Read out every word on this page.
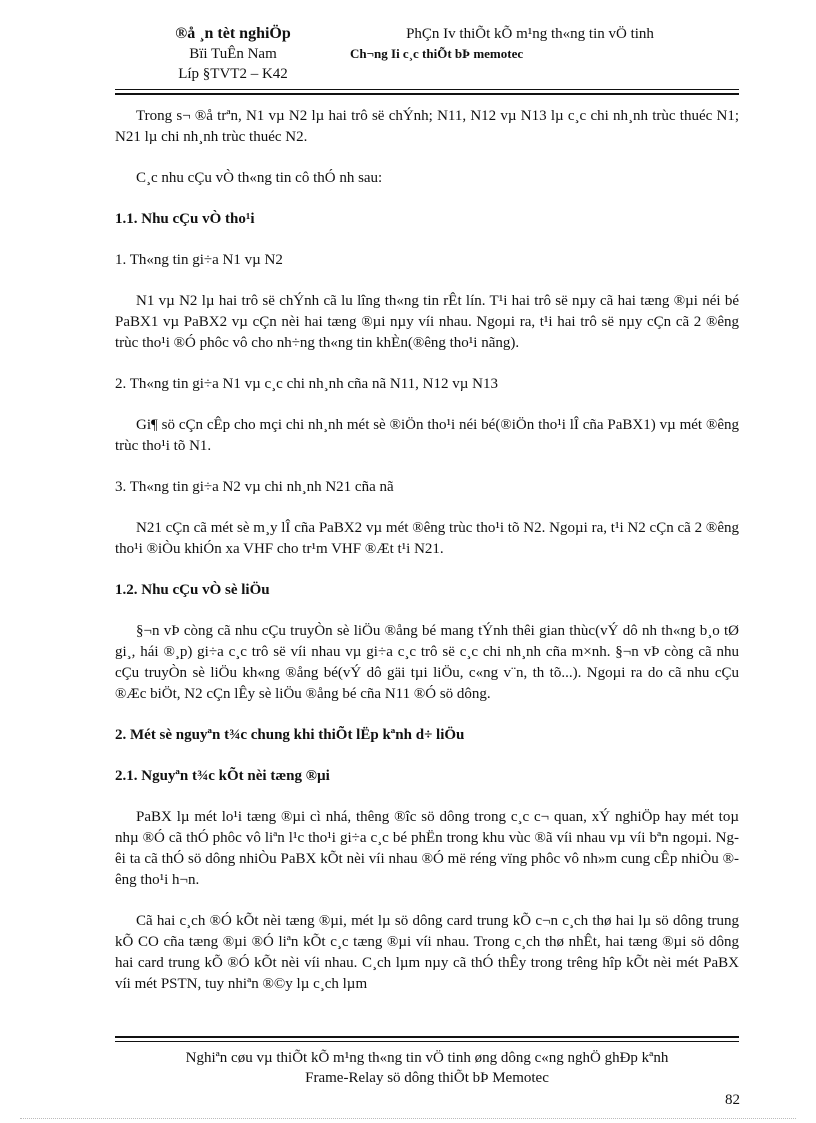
®å ¸n tèt nghiÖp
Bïi TuÊn Nam
Líp §TVT2 – K42
PhÇn Iv thiÕt kÕ m¹ng th«ng tin vÖ tinh
Ch¬ng Ii c¸c thiÕt bÞ memotec

Trong s¬ ®å trªn, N1 vµ N2 lµ hai trô së chÝnh; N11, N12 vµ N13 lµ c¸c chi nh¸nh trùc thuéc N1; N21 lµ chi nh¸nh trùc thuéc N2.

C¸c nhu cÇu vÒ th«ng tin cô thÓ nh sau:

1.1. Nhu cÇu vÒ tho¹i

1. Th«ng tin gi÷a N1 vµ N2

N1 vµ N2 lµ hai trô së chÝnh cã lu lîng th«ng tin rÊt lín. T¹i hai trô së nµy cã hai tæng ®µi néi bé PaBX1 vµ PaBX2 vµ cÇn nèi hai tæng ®µi nµy víi nhau. Ngoµi ra, t¹i hai trô së nµy cÇn cã 2 ®êng trùc tho¹i ®Ó phôc vô cho nh÷ng th«ng tin khÈn(®êng tho¹i nãng).

2. Th«ng tin gi÷a N1 vµ c¸c chi nh¸nh cña nã N11, N12 vµ N13

Gi¶ sö cÇn cÊp cho mçi chi nh¸nh mét sè ®iÖn tho¹i néi bé(®iÖn tho¹i lÎ cña PaBX1) vµ mét ®êng trùc tho¹i tõ N1.

3. Th«ng tin gi÷a N2 vµ chi nh¸nh N21 cña nã

N21 cÇn cã mét sè m¸y lÎ cña PaBX2 vµ mét ®êng trùc tho¹i tõ N2. Ngoµi ra, t¹i N2 cÇn cã 2 ®êng tho¹i ®iÒu khiÓn xa VHF cho tr¹m VHF ®Æt t¹i N21.

1.2. Nhu cÇu vÒ sè liÖu

§¬n vÞ còng cã nhu cÇu truyÒn sè liÖu ®ång bé mang tÝnh thêi gian thùc(vÝ dô nh th«ng b¸o tØ gi¸, hái ®¸p) gi÷a c¸c trô së víi nhau vµ gi÷a c¸c trô së c¸c chi nh¸nh cña m×nh. §¬n vÞ còng cã nhu cÇu truyÒn sè liÖu kh«ng ®ång bé(vÝ dô gäi tµi liÖu, c«ng v¨n, th tõ...). Ngoµi ra do cã nhu cÇu ®Æc biÖt, N2 cÇn lÊy sè liÖu ®ång bé cña N11 ®Ó sö dông.

2. Mét sè nguyªn t¾c chung khi thiÕt lËp kªnh d÷ liÖu
2.1. Nguyªn t¾c kÕt nèi tæng ®µi

PaBX lµ mét lo¹i tæng ®µi cì nhá, thêng ®îc sö dông trong c¸c c¬ quan, xÝ nghiÖp hay mét toµ nhµ ®Ó cã thÓ phôc vô liªn l¹c tho¹i gi÷a c¸c bé phËn trong khu vùc ®ã víi nhau vµ víi bªn ngoµi. Ngêi ta cã thÓ sö dông nhiÒu PaBX kÕt nèi víi nhau ®Ó më réng vïng phôc vô nh»m cung cÊp nhiÒu ®êng tho¹i h¬n.

Cã hai c¸ch ®Ó kÕt nèi tæng ®µi, mét lµ sö dông card trung kÕ c¬n c¸ch thø hai lµ sö dông trung kÕ CO cña tæng ®µi ®Ó liªn kÕt c¸c tæng ®µi víi nhau. Trong c¸ch thø nhÊt, hai tæng ®µi sö dông hai card trung kÕ ®Ó kÕt nèi víi nhau. C¸ch lµm nµy cã thÓ thÊy trong trêng hîp kÕt nèi mét PaBX víi mét PSTN, tuy nhiªn ®©y lµ c¸ch lµm

Nghiªn cøu vµ thiÕt kÕ m¹ng th«ng tin vÖ tinh øng dông c«ng nghÖ ghÐp kªnh
Frame-Relay sö dông thiÕt bÞ Memotec
82
